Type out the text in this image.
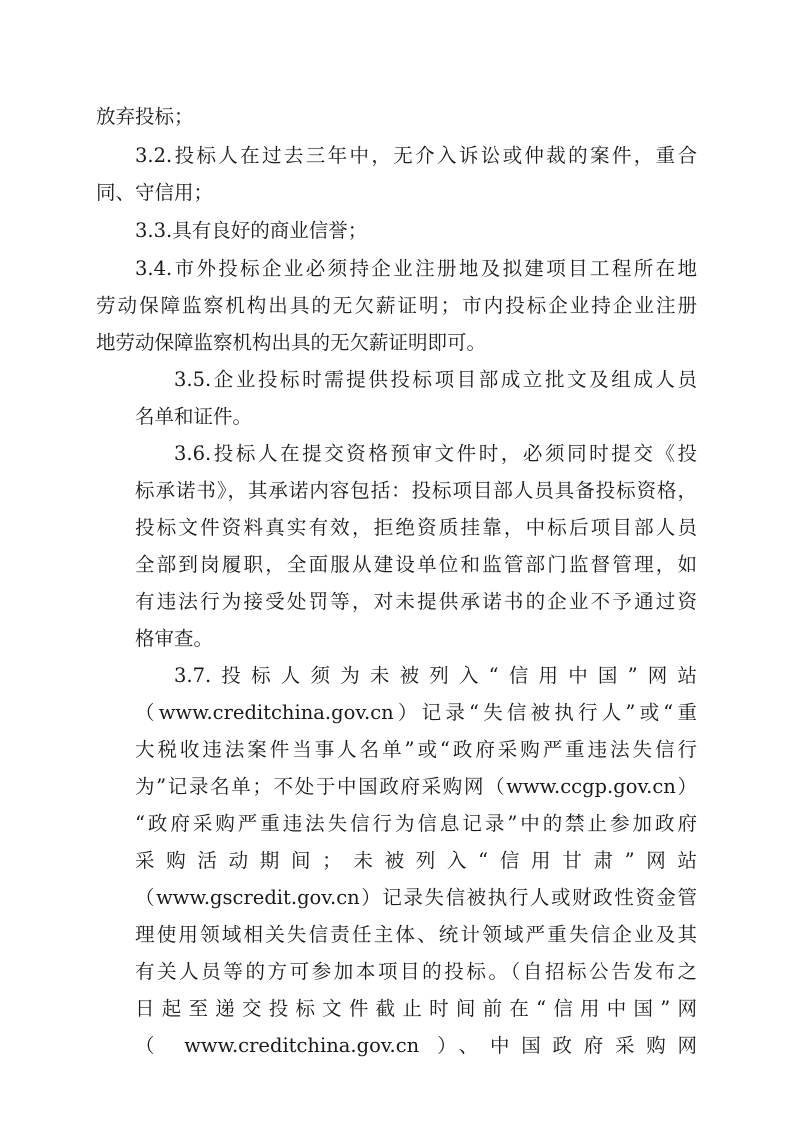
放弃投标；
3.2.投标人在过去三年中，无介入诉讼或仲裁的案件，重合
同、守信用；
3.3.具有良好的商业信誉；
3.4.市外投标企业必须持企业注册地及拟建项目工程所在地
劳动保障监察机构出具的无欠薪证明；市内投标企业持企业注册
地劳动保障监察机构出具的无欠薪证明即可。
3.5.企业投标时需提供投标项目部成立批文及组成人员
名单和证件。
3.6.投标人在提交资格预审文件时，必须同时提交《投
标承诺书》，其承诺内容包括：投标项目部人员具备投标资格，
投标文件资料真实有效，拒绝资质挂靠，中标后项目部人员
全部到岗履职，全面服从建设单位和监管部门监督管理，如
有违法行为接受处罚等，对未提供承诺书的企业不予通过资
格审查。
3.7.投标人须为未被列入“信用中国”网站
（www.creditchina.gov.cn）记录“失信被执行人”或“重
大税收违法案件当事人名单”或“政府采购严重违法失信行
为”记录名单；不处于中国政府采购网（www.ccgp.gov.cn）
“政府采购严重违法失信行为信息记录”中的禁止参加政府
采购活动期间；未被列入“信用甘肃”网站
（www.gscredit.gov.cn）记录失信被执行人或财政性资金管
理使用领域相关失信责任主体、统计领域严重失信企业及其
有关人员等的方可参加本项目的投标。（自招标公告发布之
日起至递交投标文件截止时间前在“信用中国”网
（ www.creditchina.gov.cn ）、中国政府采购网
